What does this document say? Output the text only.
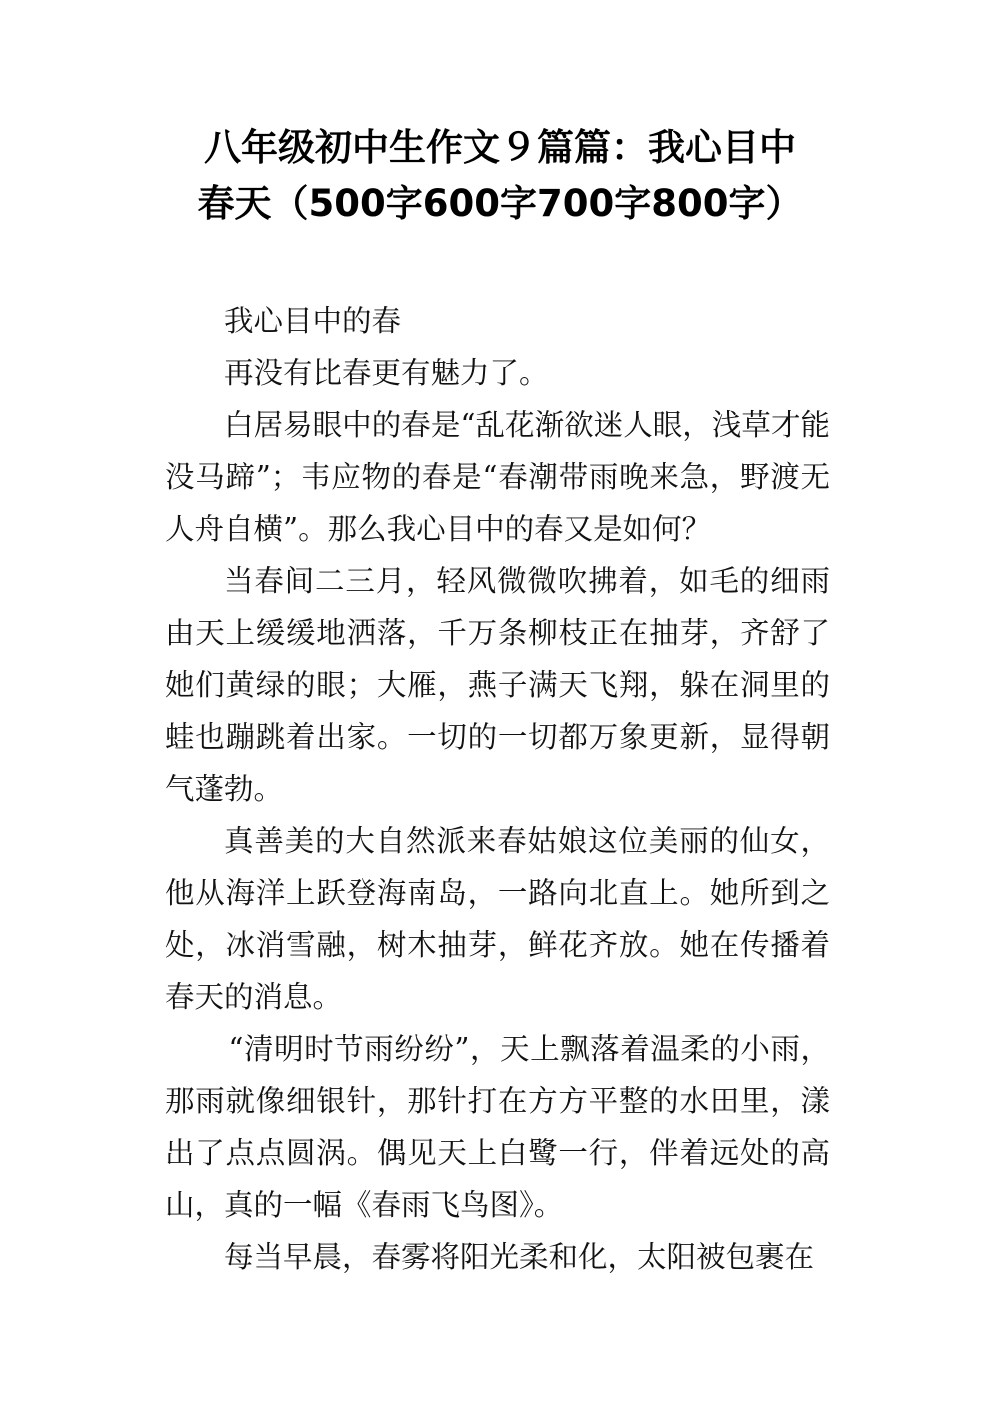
八年级初中生作文９篇篇：我心目中
春天（500字600字700字800字）

我心目中的春

再没有比春更有魅力了。

白居易眼中的春是“乱花渐欲迷人眼，浅草才能没马蹄”；韦应物的春是“春潮带雨晚来急，野渡无人舟自横”。那么我心目中的春又是如何？

当春间二三月，轻风微微吹拂着，如毛的细雨由天上缓缓地洒落，千万条柳枝正在抽芽，齐舒了她们黄绿的眼；大雁，燕子满天飞翔，躲在洞里的蛙也蹦跳着出家。一切的一切都万象更新，显得朝气蓬勃。

真善美的大自然派来春姑娘这位美丽的仙女，他从海洋上跃登海南岛，一路向北直上。她所到之处，冰消雪融，树木抽芽，鲜花齐放。她在传播着春天的消息。

“清明时节雨纷纷”，天上飘落着温柔的小雨，那雨就像细银针，那针打在方方平整的水田里，漾出了点点圆涡。偶见天上白鹭一行，伴着远处的高山，真的一幅《春雨飞鸟图》。

每当早晨，春雾将阳光柔和化，太阳被包裹在
